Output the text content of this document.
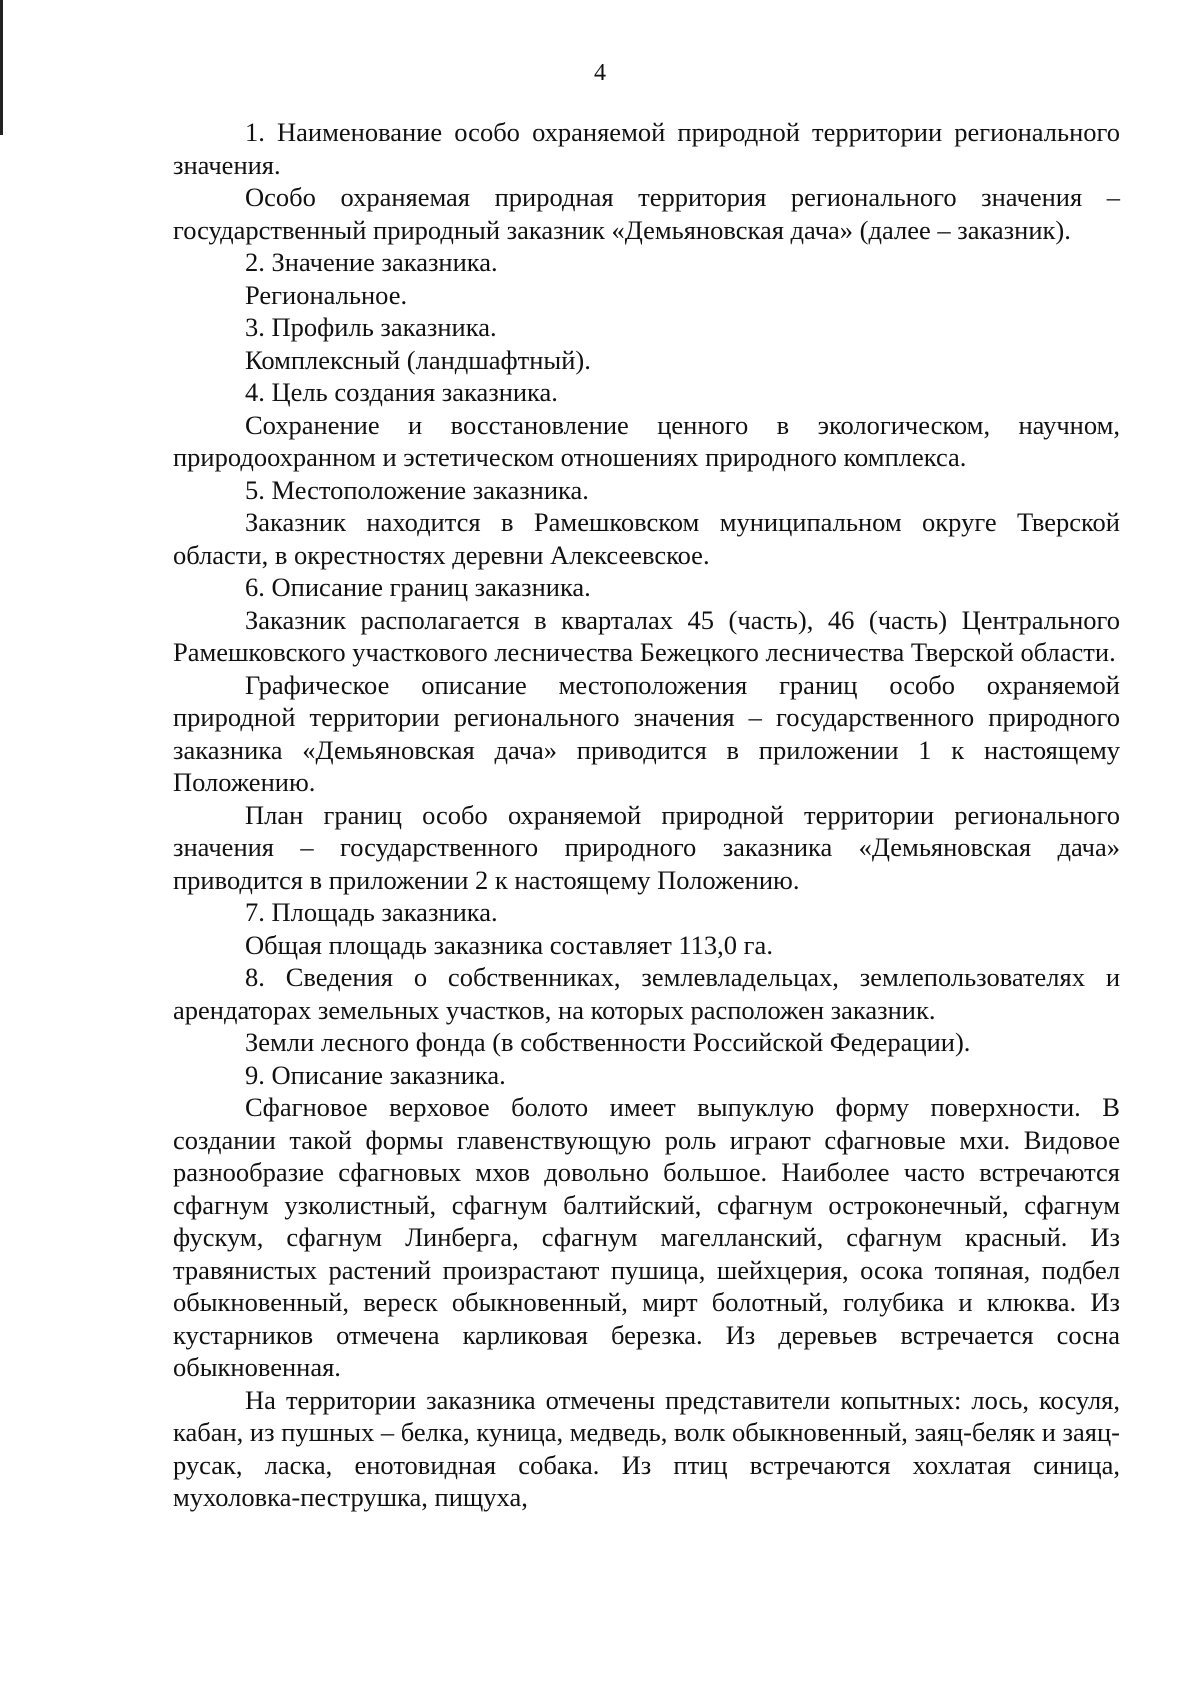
4

1. Наименование особо охраняемой природной территории регионального значения.

Особо охраняемая природная территория регионального значения – государственный природный заказник «Демьяновская дача» (далее – заказник).

2. Значение заказника.

Региональное.

3. Профиль заказника.

Комплексный (ландшафтный).

4. Цель создания заказника.

Сохранение и восстановление ценного в экологическом, научном, природоохранном и эстетическом отношениях природного комплекса.

5. Местоположение заказника.

Заказник находится в Рамешковском муниципальном округе Тверской области, в окрестностях деревни Алексеевское.

6. Описание границ заказника.

Заказник располагается в кварталах 45 (часть), 46 (часть) Центрального Рамешковского участкового лесничества Бежецкого лесничества Тверской области.

Графическое описание местоположения границ особо охраняемой природной территории регионального значения – государственного природного заказника «Демьяновская дача» приводится в приложении 1 к настоящему Положению.

План границ особо охраняемой природной территории регионального значения – государственного природного заказника «Демьяновская дача» приводится в приложении 2 к настоящему Положению.

7. Площадь заказника.

Общая площадь заказника составляет 113,0 га.

8. Сведения о собственниках, землевладельцах, землепользователях и арендаторах земельных участков, на которых расположен заказник.

Земли лесного фонда (в собственности Российской Федерации).

9. Описание заказника.

Сфагновое верховое болото имеет выпуклую форму поверхности. В создании такой формы главенствующую роль играют сфагновые мхи. Видовое разнообразие сфагновых мхов довольно большое. Наиболее часто встречаются сфагнум узколистный, сфагнум балтийский, сфагнум остроконечный, сфагнум фускум, сфагнум Линберга, сфагнум магелланский, сфагнум красный. Из травянистых растений произрастают пушица, шейхцерия, осока топяная, подбел обыкновенный, вереск обыкновенный, мирт болотный, голубика и клюква. Из кустарников отмечена карликовая березка. Из деревьев встречается сосна обыкновенная.

На территории заказника отмечены представители копытных: лось, косуля, кабан, из пушных – белка, куница, медведь, волк обыкновенный, заяц-беляк и заяц-русак, ласка, енотовидная собака. Из птиц встречаются хохлатая синица, мухоловка-пеструшка, пищуха,
